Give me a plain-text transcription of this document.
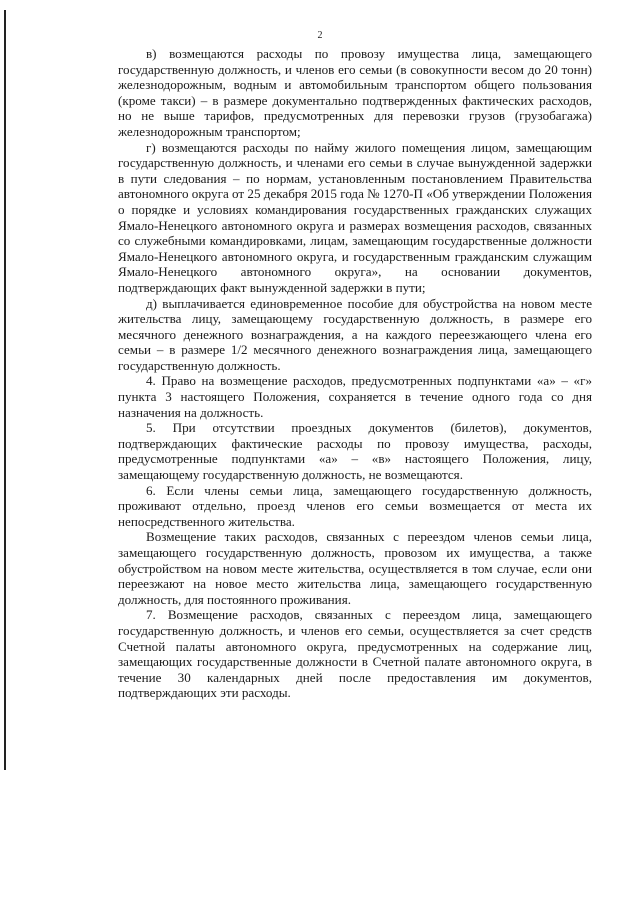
2

в) возмещаются расходы по провозу имущества лица, замещающего государственную должность, и членов его семьи (в совокупности весом до 20 тонн) железнодорожным, водным и автомобильным транспортом общего пользования (кроме такси) – в размере документально подтвержденных фактических расходов, но не выше тарифов, предусмотренных для перевозки грузов (грузобагажа) железнодорожным транспортом;

г) возмещаются расходы по найму жилого помещения лицом, замещающим государственную должность, и членами его семьи в случае вынужденной задержки в пути следования – по нормам, установленным постановлением Правительства автономного округа от 25 декабря 2015 года № 1270-П «Об утверждении Положения о порядке и условиях командирования государственных гражданских служащих Ямало-Ненецкого автономного округа и размерах возмещения расходов, связанных со служебными командировками, лицам, замещающим государственные должности Ямало-Ненецкого автономного округа, и государственным гражданским служащим Ямало-Ненецкого автономного округа», на основании документов, подтверждающих факт вынужденной задержки в пути;

д) выплачивается единовременное пособие для обустройства на новом месте жительства лицу, замещающему государственную должность, в размере его месячного денежного вознаграждения, а на каждого переезжающего члена его семьи – в размере 1/2 месячного денежного вознаграждения лица, замещающего государственную должность.

4. Право на возмещение расходов, предусмотренных подпунктами «а» – «г» пункта 3 настоящего Положения, сохраняется в течение одного года со дня назначения на должность.

5. При отсутствии проездных документов (билетов), документов, подтверждающих фактические расходы по провозу имущества, расходы, предусмотренные подпунктами «а» – «в» настоящего Положения, лицу, замещающему государственную должность, не возмещаются.

6. Если члены семьи лица, замещающего государственную должность, проживают отдельно, проезд членов его семьи возмещается от места их непосредственного жительства.

Возмещение таких расходов, связанных с переездом членов семьи лица, замещающего государственную должность, провозом их имущества, а также обустройством на новом месте жительства, осуществляется в том случае, если они переезжают на новое место жительства лица, замещающего государственную должность, для постоянного проживания.

7. Возмещение расходов, связанных с переездом лица, замещающего государственную должность, и членов его семьи, осуществляется за счет средств Счетной палаты автономного округа, предусмотренных на содержание лиц, замещающих государственные должности в Счетной палате автономного округа, в течение 30 календарных дней после предоставления им документов, подтверждающих эти расходы.
